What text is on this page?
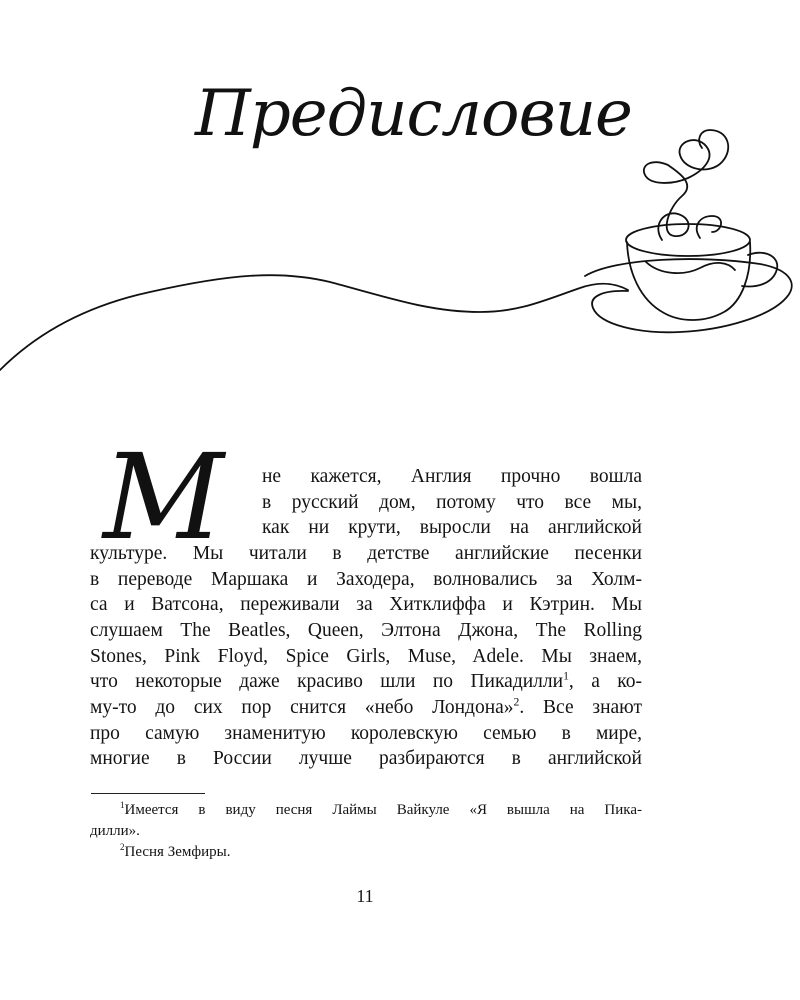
Предисловие
М не кажется, Англия прочно вошла
в русский дом, потому что все мы,
как ни крути, выросли на английской
культуре. Мы читали в детстве английские песенки
в переводе Маршака и Заходера, волновались за Холм-
са и Ватсона, переживали за Хитклиффа и Кэтрин. Мы
слушаем The Beatles, Queen, Элтона Джона, The Rolling
Stones, Pink Floyd, Spice Girls, Muse, Adele. Мы знаем,
что некоторые даже красиво шли по Пикадилли$^1$, а ко-
му-то до сих пор снится «небо Лондона»$^2$. Все знают
про самую знаменитую королевскую семью в мире,
многие в России лучше разбираются в английской
$^1$Имеется в виду песня Лаймы Вайкуле «Я вышла на Пика-
дилли».
$^2$Песня Земфиры.
11
